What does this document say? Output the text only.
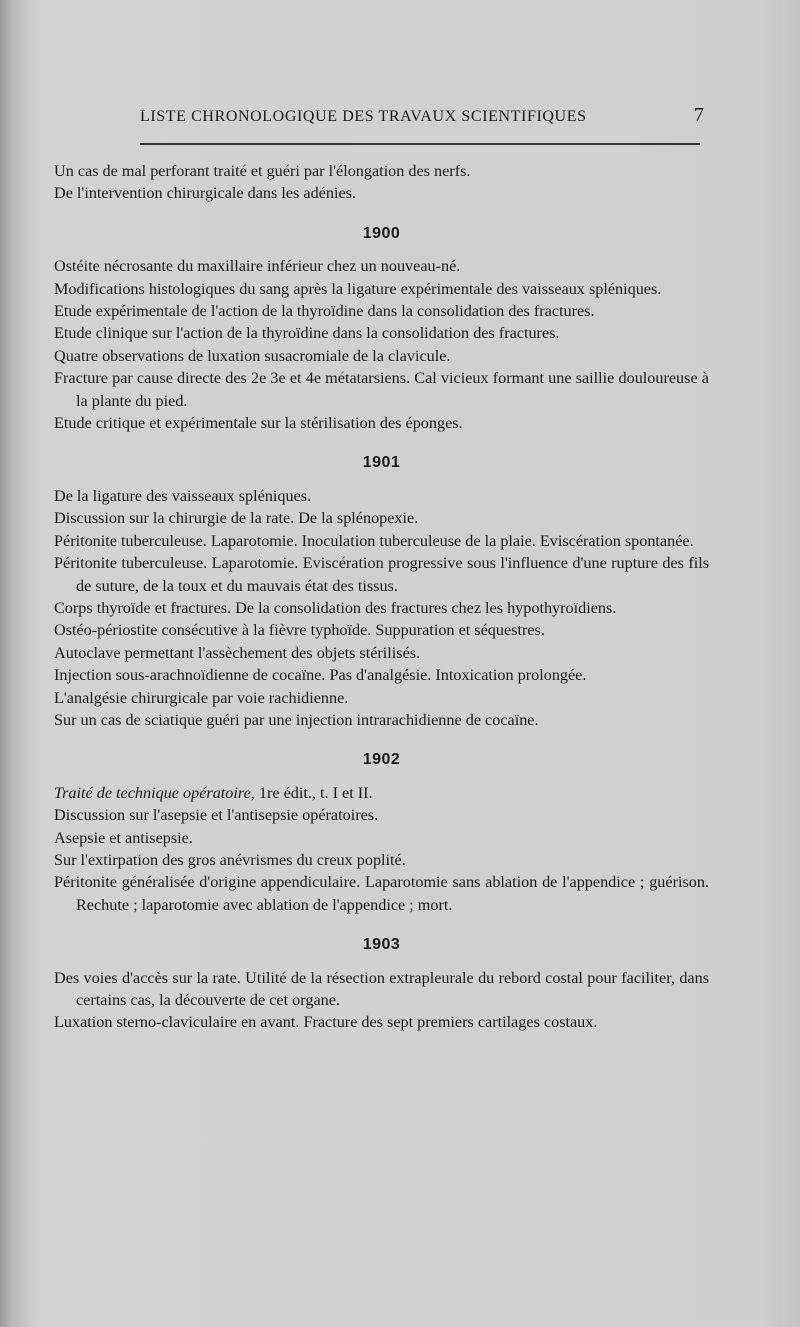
LISTE CHRONOLOGIQUE DES TRAVAUX SCIENTIFIQUES	7

Un cas de mal perforant traité et guéri par l'élongation des nerfs.

De l'intervention chirurgicale dans les adénies.

1900

Ostéite nécrosante du maxillaire inférieur chez un nouveau-né.

Modifications histologiques du sang après la ligature expérimentale des vaisseaux spléniques.

Etude expérimentale de l'action de la thyroïdine dans la consolidation des fractures.

Etude clinique sur l'action de la thyroïdine dans la consolidation des fractures.

Quatre observations de luxation susacromiale de la clavicule.

Fracture par cause directe des 2e 3e et 4e métatarsiens. Cal vicieux formant une saillie douloureuse à la plante du pied.

Etude critique et expérimentale sur la stérilisation des éponges.

1901

De la ligature des vaisseaux spléniques.

Discussion sur la chirurgie de la rate. De la splénopexie.

Péritonite tuberculeuse. Laparotomie. Inoculation tuberculeuse de la plaie. Eviscération spontanée.

Péritonite tuberculeuse. Laparotomie. Eviscération progressive sous l'influence d'une rupture des fils de suture, de la toux et du mauvais état des tissus.

Corps thyroïde et fractures. De la consolidation des fractures chez les hypothyroïdiens.

Ostéo-périostite consécutive à la fièvre typhoïde. Suppuration et séquestres.

Autoclave permettant l'assèchement des objets stérilisés.

Injection sous-arachnoïdienne de cocaïne. Pas d'analgésie. Intoxication prolongée.

L'analgésie chirurgicale par voie rachidienne.

Sur un cas de sciatique guéri par une injection intrarachidienne de cocaïne.

1902

Traité de technique opératoire, 1re édit., t. I et II.

Discussion sur l'asepsie et l'antisepsie opératoires.

Asepsie et antisepsie.

Sur l'extirpation des gros anévrismes du creux poplité.

Péritonite généralisée d'origine appendiculaire. Laparotomie sans ablation de l'appendice ; guérison. Rechute ; laparotomie avec ablation de l'appendice ; mort.

1903

Des voies d'accès sur la rate. Utilité de la résection extrapleurale du rebord costal pour faciliter, dans certains cas, la découverte de cet organe.

Luxation sterno-claviculaire en avant. Fracture des sept premiers cartilages costaux.
